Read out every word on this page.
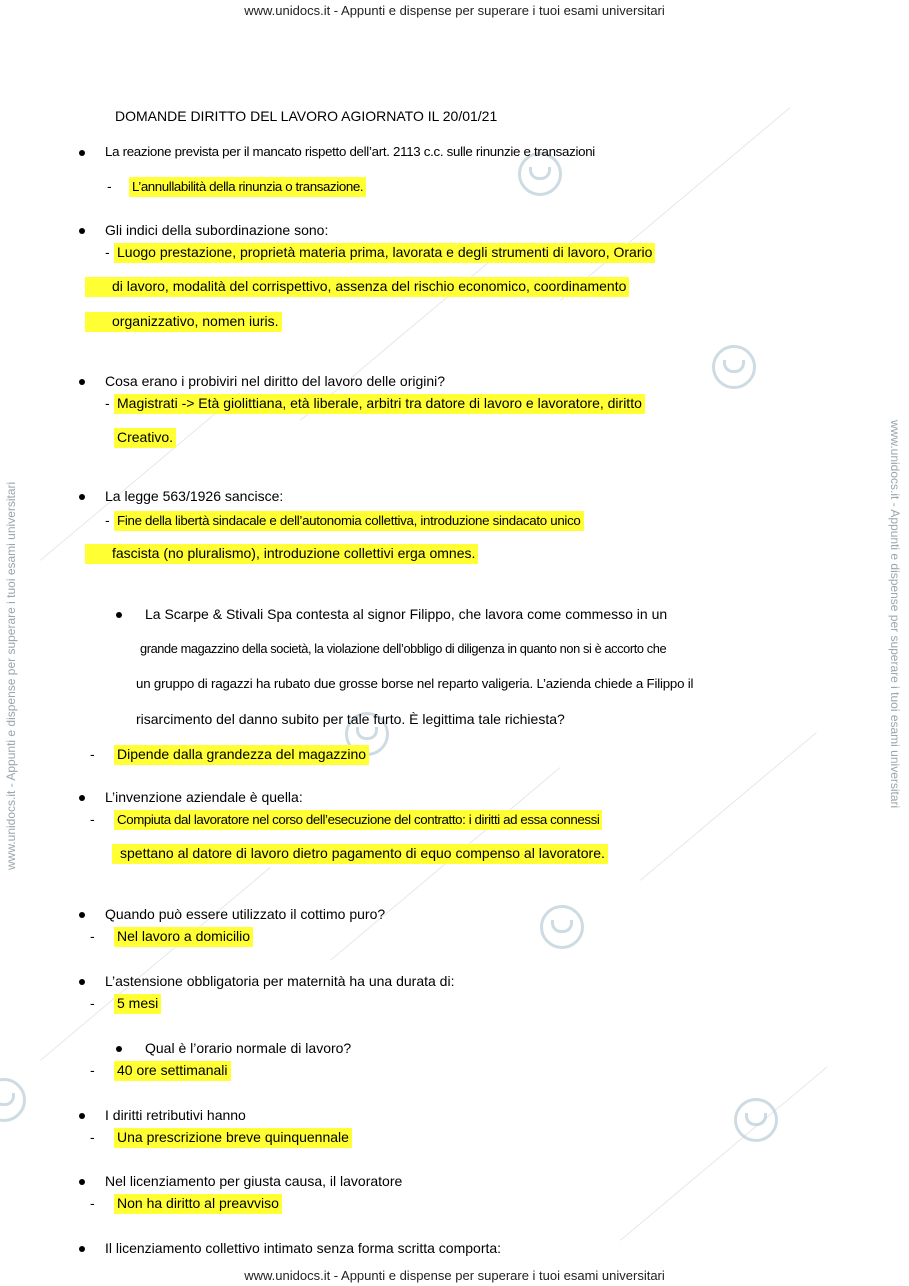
www.unidocs.it - Appunti e dispense per superare i tuoi esami universitari
www.unidocs.it - Appunti e dispense per superare i tuoi esami universitari
www.unidocs.it - Appunti e dispense per superare i tuoi esami universitari	www.unidocs.it - Appunti e dispense per superare i tuoi esami universitari
DOMANDE DIRITTO DEL LAVORO AGIORNATO IL 20/01/21
La reazione prevista per il mancato rispetto dell’art. 2113 c.c. sulle rinunzie e transazioni
- L’annullabilità della rinunzia o transazione.
Gli indici della subordinazione sono:
- Luogo prestazione, proprietà materia prima, lavorata e degli strumenti di lavoro, Orario
di lavoro, modalità del corrispettivo, assenza del rischio economico, coordinamento
organizzativo, nomen iuris.
Cosa erano i probiviri nel diritto del lavoro delle origini?
- Magistrati -> Età giolittiana, età liberale, arbitri tra datore di lavoro e lavoratore, diritto
Creativo.
La legge 563/1926 sancisce:
- Fine della libertà sindacale e dell’autonomia collettiva, introduzione sindacato unico
fascista (no pluralismo), introduzione collettivi erga omnes.
La Scarpe & Stivali Spa contesta al signor Filippo, che lavora come commesso in un
grande magazzino della società, la violazione dell’obbligo di diligenza in quanto non si è accorto che
un gruppo di ragazzi ha rubato due grosse borse nel reparto valigeria. L’azienda chiede a Filippo il
risarcimento del danno subito per tale furto. È legittima tale richiesta?
- Dipende dalla grandezza del magazzino
L’invenzione aziendale è quella:
- Compiuta dal lavoratore nel corso dell’esecuzione del contratto: i diritti ad essa connessi
spettano al datore di lavoro dietro pagamento di equo compenso al lavoratore.
Quando può essere utilizzato il cottimo puro?
- Nel lavoro a domicilio
L’astensione obbligatoria per maternità ha una durata di:
- 5 mesi
Qual è l’orario normale di lavoro?
- 40 ore settimanali
I diritti retributivi hanno
- Una prescrizione breve quinquennale
Nel licenziamento per giusta causa, il lavoratore
- Non ha diritto al preavviso
Il licenziamento collettivo intimato senza forma scritta comporta:
